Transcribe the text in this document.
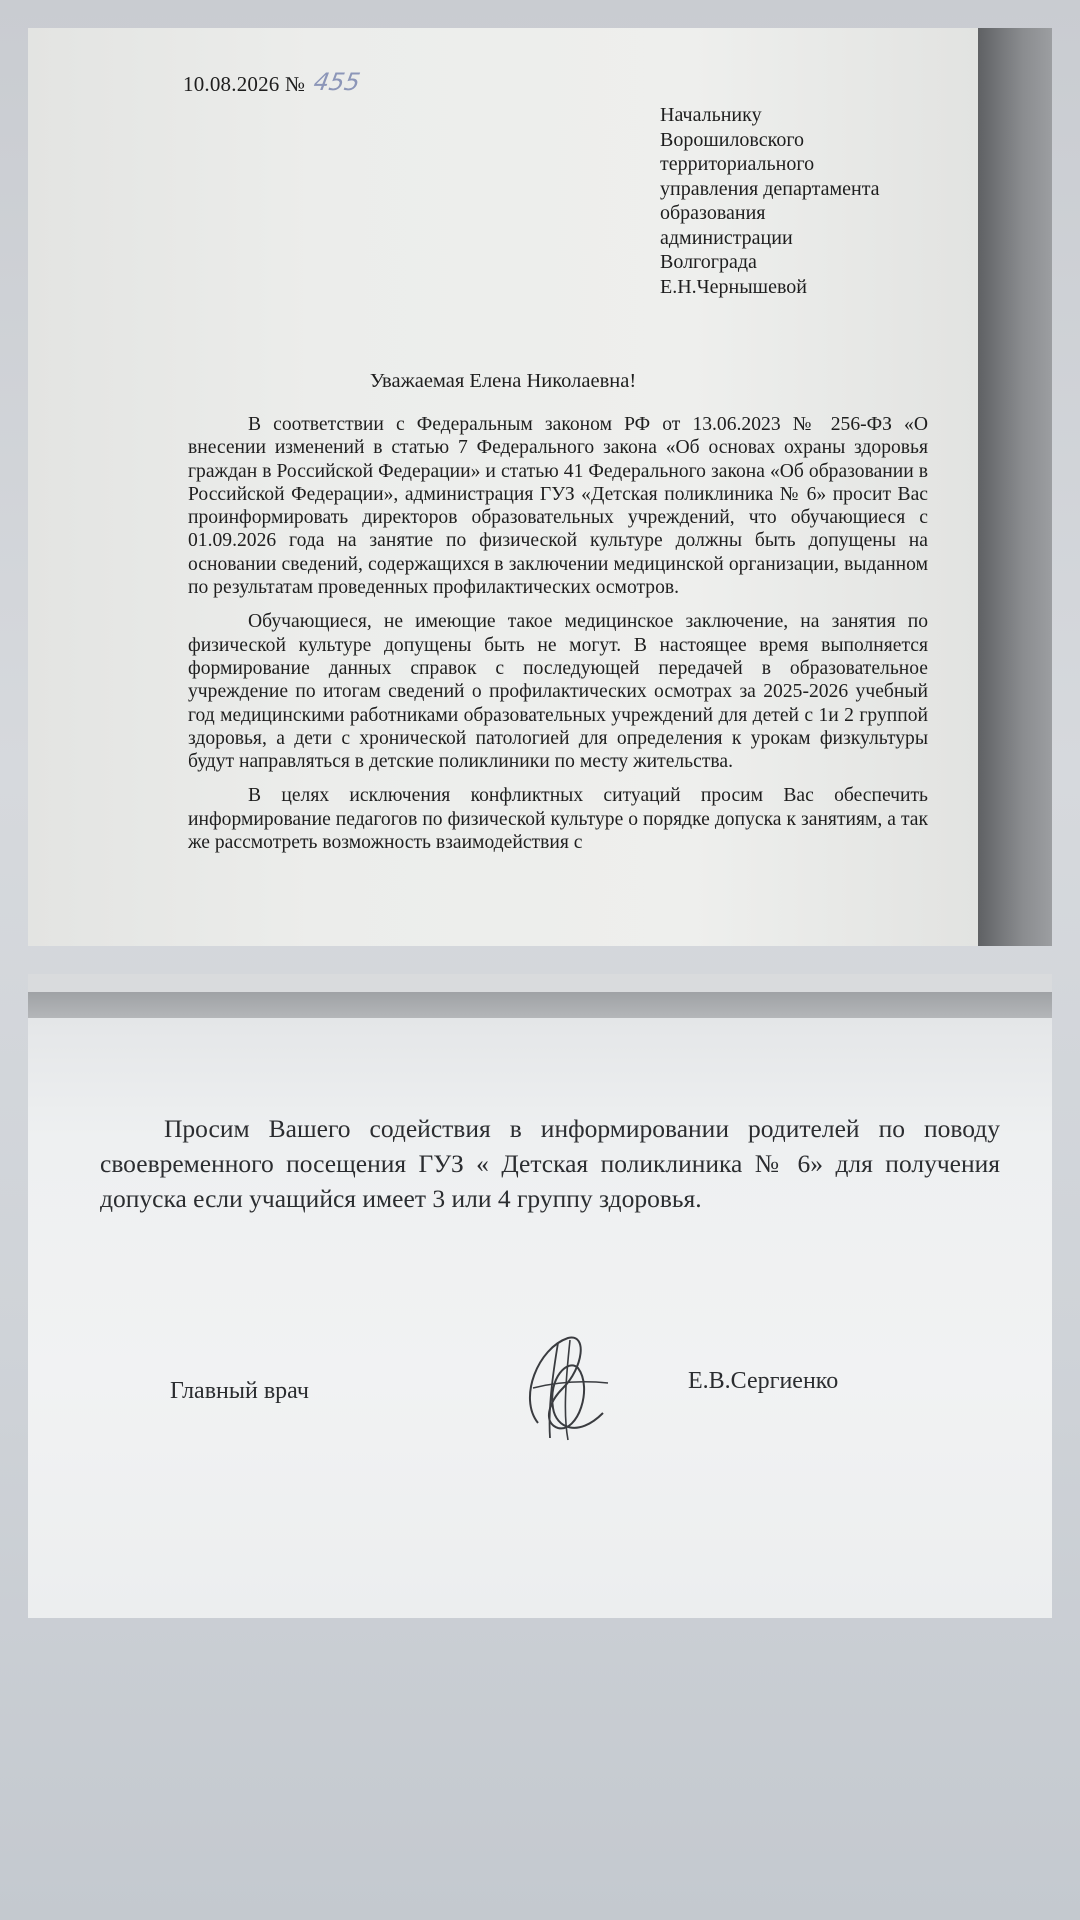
10.08.2026 № 455
Начальнику
Ворошиловского
территориального
управления департамента
образования
администрации
Волгограда
Е.Н.Чернышевой
Уважаемая Елена Николаевна!

В соответствии с Федеральным законом РФ от 13.06.2023 № 256-ФЗ «О внесении изменений в статью 7 Федерального закона «Об основах охраны здоровья граждан в Российской Федерации» и статью 41 Федерального закона «Об образовании в Российской Федерации», администрация ГУЗ «Детская поликлиника № 6» просит Вас проинформировать директоров образовательных учреждений, что обучающиеся с 01.09.2026 года на занятие по физической культуре должны быть допущены на основании сведений, содержащихся в заключении медицинской организации, выданном по результатам проведенных профилактических осмотров.

Обучающиеся, не имеющие такое медицинское заключение, на занятия по физической культуре допущены быть не могут. В настоящее время выполняется формирование данных справок с последующей передачей в образовательное учреждение по итогам сведений о профилактических осмотрах за 2025-2026 учебный год медицинскими работниками образовательных учреждений для детей с 1и 2 группой здоровья, а дети с хронической патологией для определения к урокам физкультуры будут направляться в детские поликлиники по месту жительства.

В целях исключения конфликтных ситуаций просим Вас обеспечить информирование педагогов по физической культуре о порядке допуска к занятиям, а так же рассмотреть возможность взаимодействия с

Просим Вашего содействия в информировании родителей по поводу своевременного посещения ГУЗ « Детская поликлиника № 6» для получения допуска если учащийся имеет 3 или 4 группу здоровья.
Главный врач	Е.В.Сергиенко
